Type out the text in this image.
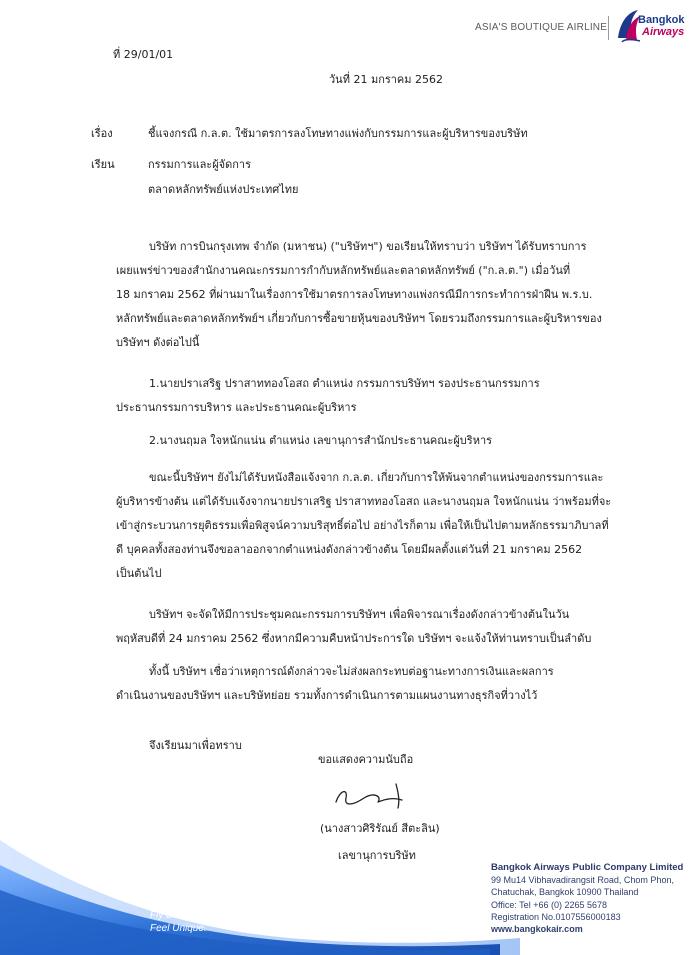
ASIA'S BOUTIQUE AIRLINE
Bangkok
Airways
ที่ 29/01/01
วันที่ 21 มกราคม 2562
เรื่อง	ชี้แจงกรณี ก.ล.ต. ใช้มาตรการลงโทษทางแพ่งกับกรรมการและผู้บริหารของบริษัท
เรียน	กรรมการและผู้จัดการ
ตลาดหลักทรัพย์แห่งประเทศไทย
บริษัท การบินกรุงเทพ จำกัด (มหาชน) ("บริษัทฯ") ขอเรียนให้ทราบว่า บริษัทฯ ได้รับทราบการ
เผยแพร่ข่าวของสำนักงานคณะกรรมการกำกับหลักทรัพย์และตลาดหลักทรัพย์ ("ก.ล.ต.") เมื่อวันที่
18 มกราคม 2562 ที่ผ่านมาในเรื่องการใช้มาตรการลงโทษทางแพ่งกรณีมีการกระทำการฝ่าฝืน พ.ร.บ.
หลักทรัพย์และตลาดหลักทรัพย์ฯ เกี่ยวกับการซื้อขายหุ้นของบริษัทฯ โดยรวมถึงกรรมการและผู้บริหารของ
บริษัทฯ ดังต่อไปนี้
1.นายปราเสริฐ ปราสาททองโอสถ ตำแหน่ง กรรมการบริษัทฯ รองประธานกรรมการ
ประธานกรรมการบริหาร และประธานคณะผู้บริหาร
2.นางนฤมล ใจหนักแน่น ตำแหน่ง เลขานุการสำนักประธานคณะผู้บริหาร
ขณะนี้บริษัทฯ ยังไม่ได้รับหนังสือแจ้งจาก ก.ล.ต. เกี่ยวกับการให้พ้นจากตำแหน่งของกรรมการและ
ผู้บริหารข้างต้น แต่ได้รับแจ้งจากนายปราเสริฐ ปราสาททองโอสถ และนางนฤมล ใจหนักแน่น ว่าพร้อมที่จะ
เข้าสู่กระบวนการยุติธรรมเพื่อพิสูจน์ความบริสุทธิ์ต่อไป อย่างไรก็ตาม เพื่อให้เป็นไปตามหลักธรรมาภิบาลที่
ดี บุคคลทั้งสองท่านจึงขอลาออกจากตำแหน่งดังกล่าวข้างต้น โดยมีผลตั้งแต่วันที่ 21 มกราคม 2562
เป็นต้นไป
บริษัทฯ จะจัดให้มีการประชุมคณะกรรมการบริษัทฯ เพื่อพิจารณาเรื่องดังกล่าวข้างต้นในวัน
พฤหัสบดีที่ 24 มกราคม 2562 ซึ่งหากมีความคืบหน้าประการใด บริษัทฯ จะแจ้งให้ท่านทราบเป็นลำดับ
ทั้งนี้ บริษัทฯ เชื่อว่าเหตุการณ์ดังกล่าวจะไม่ส่งผลกระทบต่อฐานะทางการเงินและผลการ
ดำเนินงานของบริษัทฯ และบริษัทย่อย รวมทั้งการดำเนินการตามแผนงานทางธุรกิจที่วางไว้
จึงเรียนมาเพื่อทราบ
ขอแสดงความนับถือ
(นางสาวศิริรัณย์ สีตะลิน)
เลขานุการบริษัท
Fly Boutique.
Feel Unique.
Bangkok Airways Public Company Limited
99 Mu14 Vibhavadirangsit Road, Chom Phon,
Chatuchak, Bangkok 10900 Thailand
Office: Tel +66 (0) 2265 5678
Registration No.0107556000183
www.bangkokair.com
